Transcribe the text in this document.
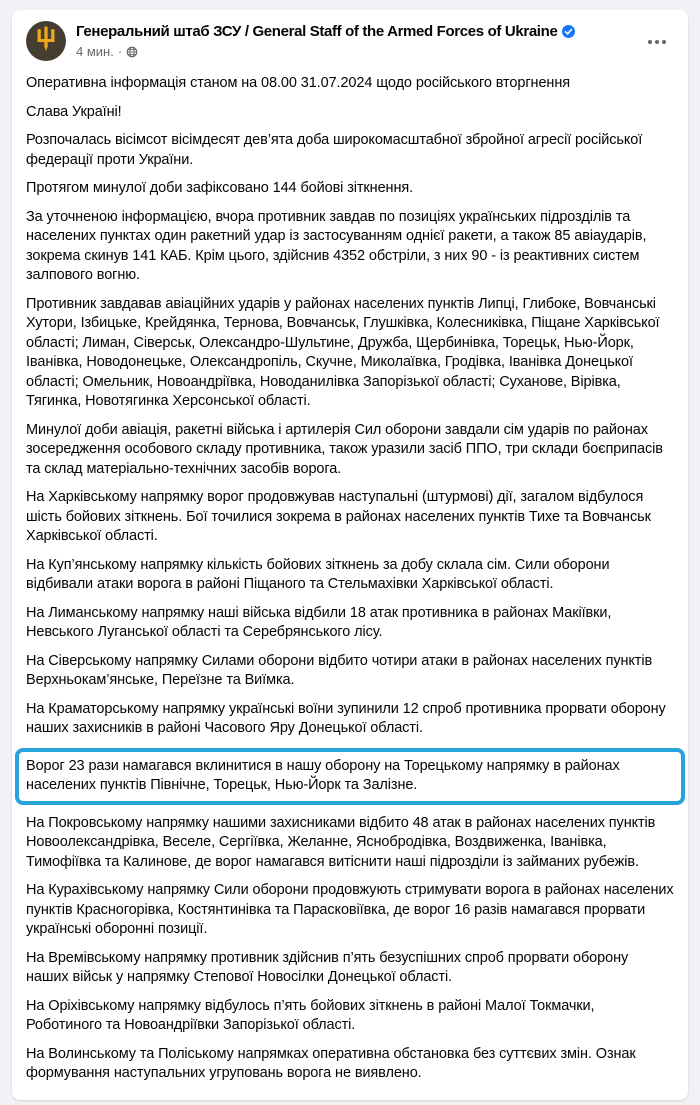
Генеральний штаб ЗСУ / General Staff of the Armed Forces of Ukraine
4 мин. ·

Оперативна інформація станом на 08.00 31.07.2024 щодо російського вторгнення

Слава Україні!

Розпочалась вісімсот вісімдесят дев’ята доба широкомасштабної збройної агресії російської федерації проти України.

Протягом минулої доби зафіксовано 144 бойові зіткнення.

За уточненою інформацією, вчора противник завдав по позиціях українських підрозділів та населених пунктах один ракетний удар із застосуванням однієї ракети, а також 85 авіаударів, зокрема скинув 141 КАБ. Крім цього, здійснив 4352 обстріли, з них 90 - із реактивних систем залпового вогню.

Противник завдавав авіаційних ударів у районах населених пунктів Липці, Глибоке, Вовчанські Хутори, Ізбицьке, Крейдянка, Тернова, Вовчанськ, Глушківка, Колесниківка, Піщане Харківської області; Лиман, Сіверськ, Олександро-Шультине, Дружба, Щербинівка, Торецьк, Нью-Йорк, Іванівка, Новодонецьке, Олександропіль, Скучне, Миколаївка, Гродівка, Іванівка Донецької області; Омельник, Новоандріївка, Новоданилівка Запорізької області; Суханове, Вірівка, Тягинка, Новотягинка Херсонської області.

Минулої доби авіація, ракетні війська і артилерія Сил оборони завдали сім ударів по районах зосередження особового складу противника, також уразили засіб ППО, три склади боєприпасів та склад матеріально-технічних засобів ворога.

На Харківському напрямку ворог продовжував наступальні (штурмові) дії, загалом відбулося шість бойових зіткнень. Бої точилися зокрема в районах населених пунктів Тихе та Вовчанськ Харківської області.

На Куп’янському напрямку кількість бойових зіткнень за добу склала сім. Сили оборони відбивали атаки ворога в районі Піщаного та Стельмахівки Харківської області.

На Лиманському напрямку наші війська відбили 18 атак противника в районах Макіївки, Невського Луганської області та Серебрянського лісу.

На Сіверському напрямку Силами оборони відбито чотири атаки в районах населених пунктів Верхньокам’янське, Переїзне та Виїмка.

На Краматорському напрямку українські воїни зупинили 12 спроб противника прорвати оборону наших захисників в районі Часового Яру Донецької області.

Ворог 23 рази намагався вклинитися в нашу оборону на Торецькому напрямку в районах населених пунктів Північне, Торецьк, Нью-Йорк та Залізне.

На Покровському напрямку нашими захисниками відбито 48 атак в районах населених пунктів Новоолександрівка, Веселе, Сергіївка, Желанне, Яснобродівка, Воздвиженка, Іванівка, Тимофіївка та Калинове, де ворог намагався витіснити наші підрозділи із займаних рубежів.

На Курахівському напрямку Сили оборони продовжують стримувати ворога в районах населених пунктів Красногорівка, Костянтинівка та Парасковіївка, де ворог 16 разів намагався прорвати українські оборонні позиції.

На Времівському напрямку противник здійснив п’ять безуспішних спроб прорвати оборону наших військ у напрямку Степової Новосілки Донецької області.

На Оріхівському напрямку відбулось п’ять бойових зіткнень в районі Малої Токмачки, Роботиного та Новоандріївки Запорізької області.

На Волинському та Поліському напрямках оперативна обстановка без суттєвих змін. Ознак формування наступальних угруповань ворога не виявлено.
